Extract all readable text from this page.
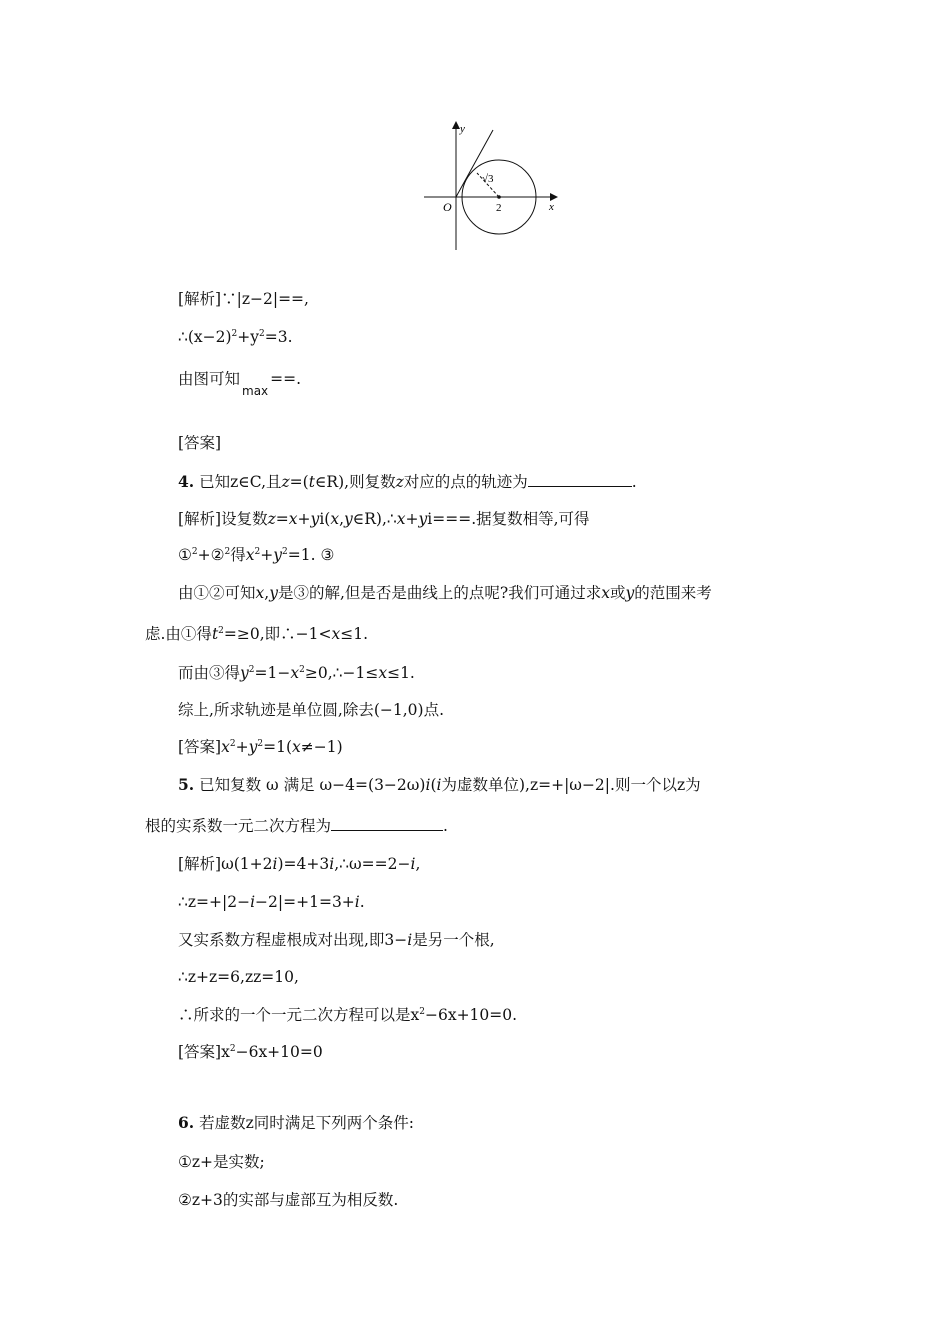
y
x
O	2
√3
[解析]∵|z−2|==,
$\therefore(x-2)^2+y^2=3$.
由图可知max==.
[答案]
4. 已知z∈C,且z=(t∈R),则复数z对应的点的轨迹为	.
[解析]设复数z=x+yi(x,y∈R),∴x+yi===.据复数相等,可得
①$^2$+②$^2$得$x^2+y^2=1$. ③
由①②可知x,y是③的解,但是否是曲线上的点呢?我们可通过求x或y的范围来考
虑.由①得$t^2=\ge 0$,即∴−1<x≤1.
而由③得$y^2=1-x^2\ge 0,\therefore-1\le x\le 1$.
综上,所求轨迹是单位圆,除去(−1,0)点.
[答案]$x^2+y^2=1(x\ne-1)$
5. 已知复数 ω 满足 ω−4=(3−2ω)i(i为虚数单位),z=+|ω−2|.则一个以z为
根的实系数一元二次方程为	.
[解析]ω(1+2i)=4+3i,∴ω==2−i,
∴z=+|2−i−2|=+1=3+i.
又实系数方程虚根成对出现,即3−i是另一个根,
∴z+z=6,zz=10,
∴所求的一个一元二次方程可以是$x^2-6x+10=0$.
[答案]$x^2-6x+10=0$
6. 若虚数z同时满足下列两个条件:
①z+是实数;
②z+3的实部与虚部互为相反数.
